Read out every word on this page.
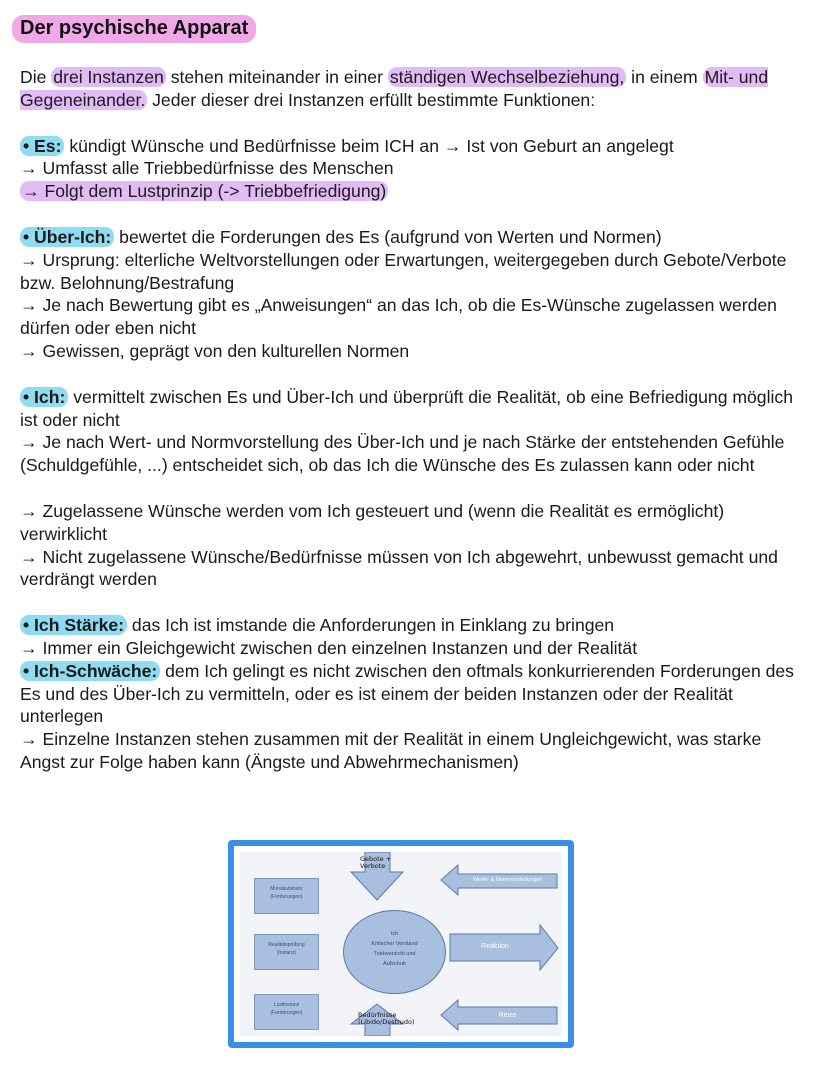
Der psychische Apparat

Die drei Instanzen stehen miteinander in einer ständigen Wechselbeziehung, in einem Mit- und Gegeneinander. Jeder dieser drei Instanzen erfüllt bestimmte Funktionen:

• Es: kündigt Wünsche und Bedürfnisse beim ICH an → Ist von Geburt an angelegt

→ Umfasst alle Triebbedürfnisse des Menschen

→ Folgt dem Lustprinzip (-> Triebbefriedigung)

• Über-Ich: bewertet die Forderungen des Es (aufgrund von Werten und Normen)

→ Ursprung: elterliche Weltvorstellungen oder Erwartungen, weitergegeben durch Gebote/Verbote bzw. Belohnung/Bestrafung

→ Je nach Bewertung gibt es „Anweisungen“ an das Ich, ob die Es-Wünsche zugelassen werden dürfen oder eben nicht

→ Gewissen, geprägt von den kulturellen Normen

• Ich: vermittelt zwischen Es und Über-Ich und überprüft die Realität, ob eine Befriedigung möglich ist oder nicht

→ Je nach Wert- und Normvorstellung des Über-Ich und je nach Stärke der entstehenden Gefühle (Schuldgefühle, ...) entscheidet sich, ob das Ich die Wünsche des Es zulassen kann oder nicht

→ Zugelassene Wünsche werden vom Ich gesteuert und (wenn die Realität es ermöglicht) verwirklicht

→ Nicht zugelassene Wünsche/Bedürfnisse müssen von Ich abgewehrt, unbewusst gemacht und verdrängt werden

• Ich Stärke: das Ich ist imstande die Anforderungen in Einklang zu bringen

→ Immer ein Gleichgewicht zwischen den einzelnen Instanzen und der Realität

• Ich-Schwäche: dem Ich gelingt es nicht zwischen den oftmals konkurrierenden Forderungen des Es und des Über-Ich zu vermitteln, oder es ist einem der beiden Instanzen oder der Realität unterlegen

→ Einzelne Instanzen stehen zusammen mit der Realität in einem Ungleichgewicht, was starke Angst zur Folge haben kann (Ängste und Abwehrmechanismen)

Moralsubstanz
(Forderungen)
Realitätsprüfung
(Instanz)
Lustinstanz
(Forderungen)
Ich
Kritischer Verstand
Triebverzicht und
Aufschub
Gebote +
Verbote
Bedürfnisse
(Libido/Destrudo)
Werte- & Normvorstellungen
Reaktion
Reize
